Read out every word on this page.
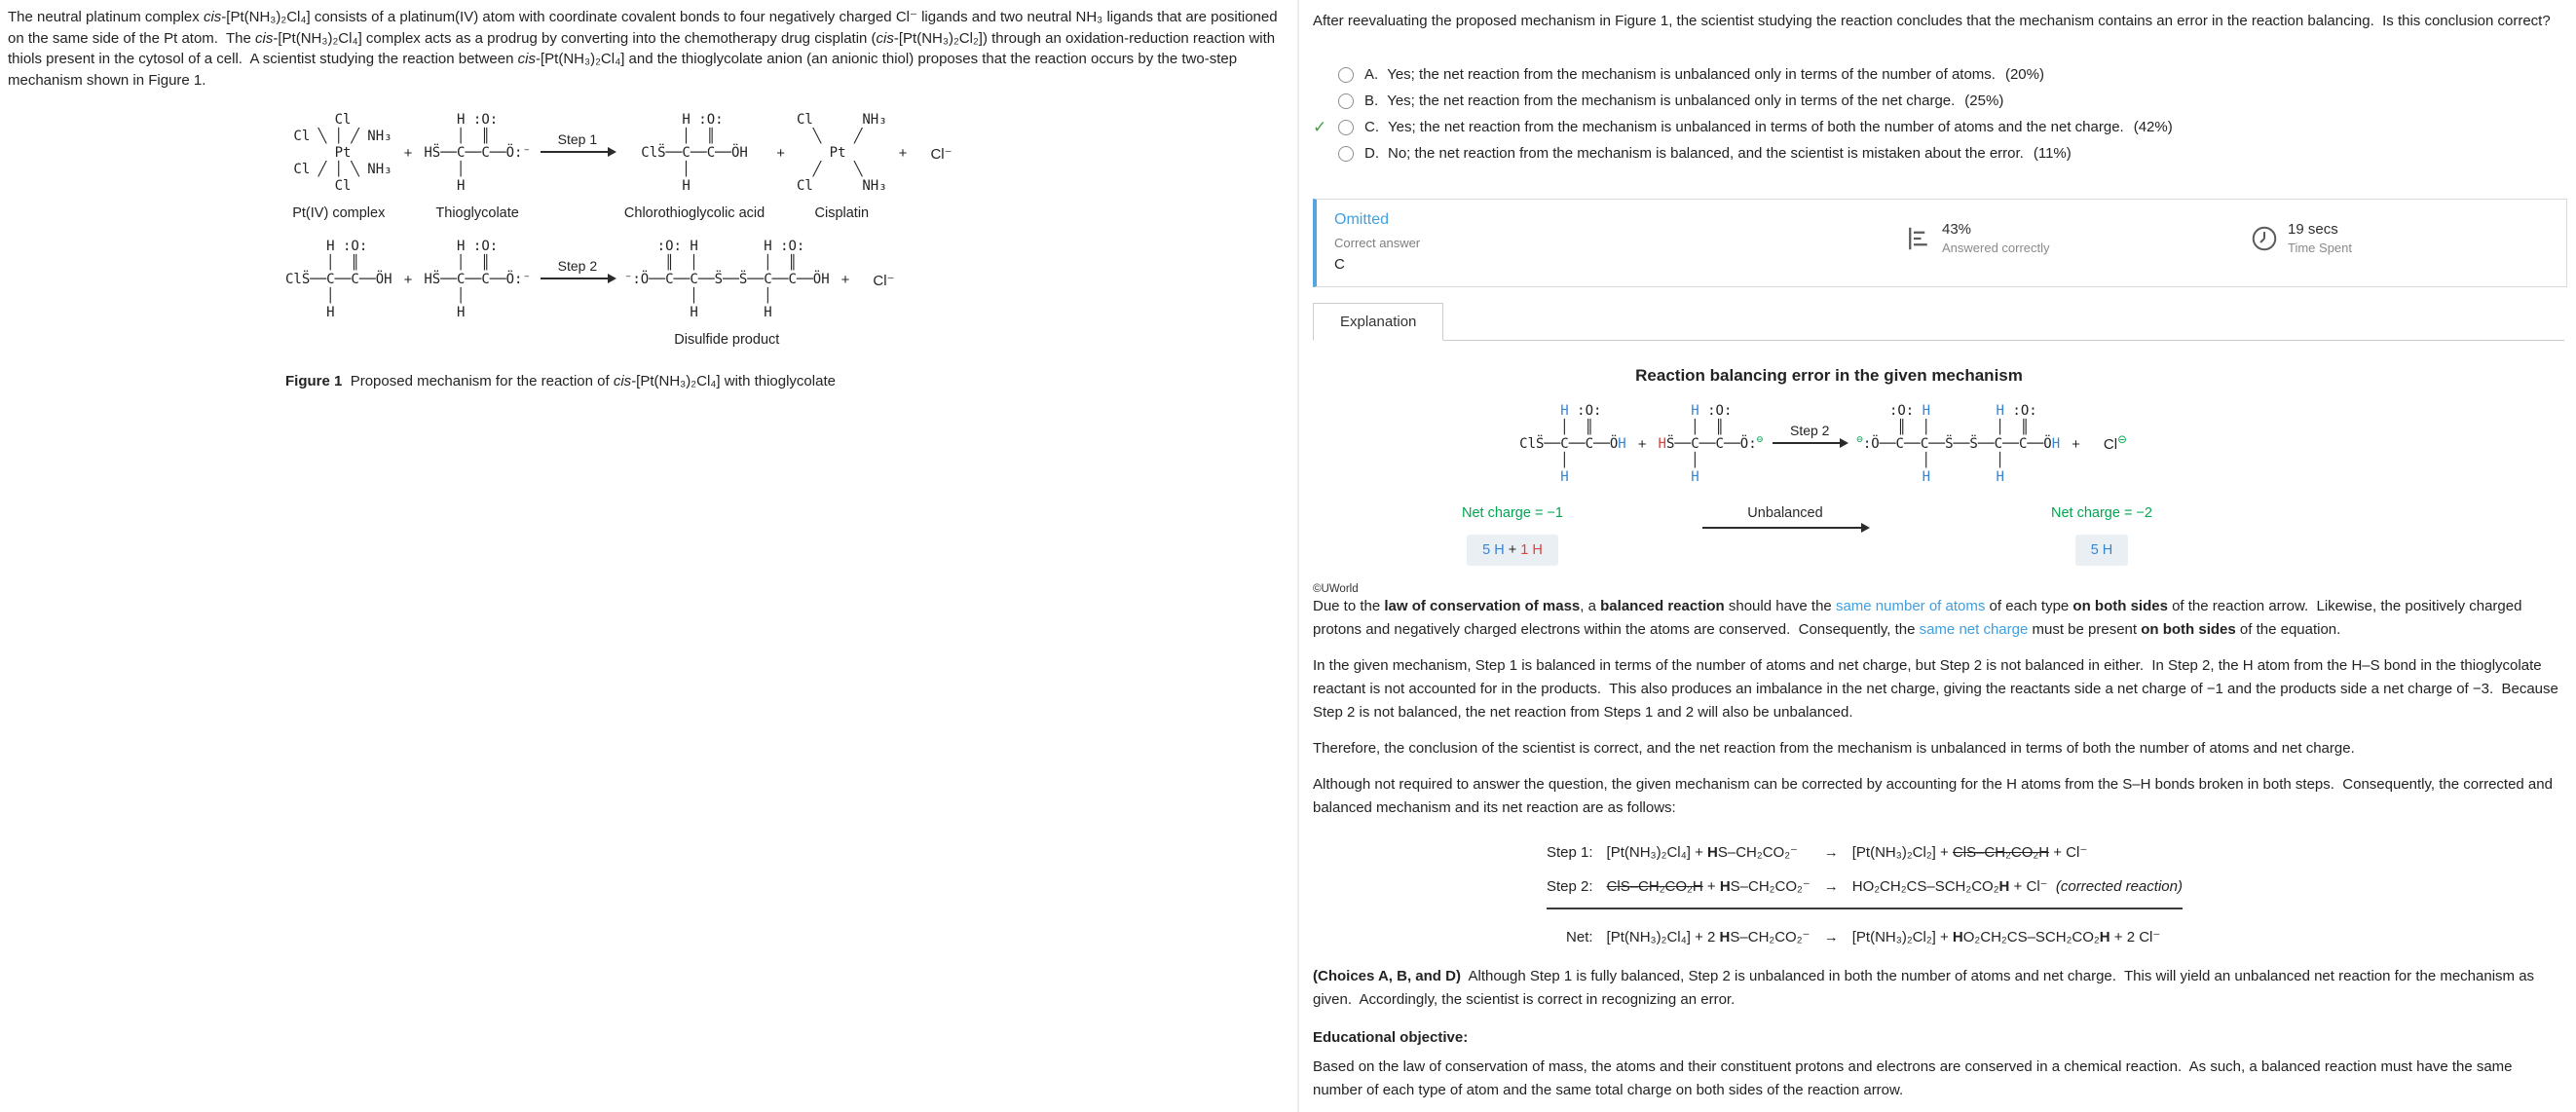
The neutral platinum complex cis-[Pt(NH₃)₂Cl₄] consists of a platinum(IV) atom with coordinate covalent bonds to four negatively charged Cl⁻ ligands and two neutral NH₃ ligands that are positioned on the same side of the Pt atom.  The cis-[Pt(NH₃)₂Cl₄] complex acts as a prodrug by converting into the chemotherapy drug cisplatin (cis-[Pt(NH₃)₂Cl₂]) through an oxidation-reduction reaction with thiols present in the cytosol of a cell.  A scientist studying the reaction between cis-[Pt(NH₃)₂Cl₄] and the thioglycolate anion (an anionic thiol) proposes that the reaction occurs by the two-step mechanism shown in Figure 1.

Cl
Cl ╲ │ ╱ NH₃
Pt
Cl ╱ │ ╲ NH₃
Cl
Pt(IV) complex
+
H :O:
│  ║
HS̈──C──C──Ö:⁻
│
H
Thioglycolate
Step 1
H :O:
│  ║
ClS̈──C──C──ÖH
│
H
Chlorothioglycolic acid
+
Cl      NH₃
╲    ╱
Pt
╱    ╲
Cl      NH₃
Cisplatin
+	Cl⁻
H :O:
│  ║
ClS̈──C──C──ÖH
│
H
+
H :O:
│  ║
HS̈──C──C──Ö:⁻
│
H
Step 2
:O: H        H :O:
║  │        │  ║
⁻:Ö──C──C──S̈──S̈──C──C──ÖH
│        │
H        H
Disulfide product
+	Cl⁻

Figure 1  Proposed mechanism for the reaction of cis-[Pt(NH₃)₂Cl₄] with thioglycolate

After reevaluating the proposed mechanism in Figure 1, the scientist studying the reaction concludes that the mechanism contains an error in the reaction balancing.  Is this conclusion correct?

A. Yes; the net reaction from the mechanism is unbalanced only in terms of the number of atoms. (20%)
B. Yes; the net reaction from the mechanism is unbalanced only in terms of the net charge. (25%)
✓	C. Yes; the net reaction from the mechanism is unbalanced in terms of both the number of atoms and the net charge. (42%)
D. No; the net reaction from the mechanism is balanced, and the scientist is mistaken about the error. (11%)
Omitted
Correct answer
C
43%
Answered correctly
19 secs
Time Spent
Explanation
Reaction balancing error in the given mechanism
H :O:
│  ║
ClS̈──C──C──ÖH
│
H
+
H :O:
│  ║
HS̈──C──C──Ö:⊖
│
H
Step 2
:O: H	H :O:
║  │        │  ║
⊖:Ö──C──C──S̈──S̈──C──C──ÖH
│        │
H	H
+	Cl⊖
Net charge = −1
5 H + 1 H
Unbalanced	Net charge = −2
5 H
©UWorld

Due to the law of conservation of mass, a balanced reaction should have the same number of atoms of each type on both sides of the reaction arrow.  Likewise, the positively charged protons and negatively charged electrons within the atoms are conserved.  Consequently, the same net charge must be present on both sides of the equation.

In the given mechanism, Step 1 is balanced in terms of the number of atoms and net charge, but Step 2 is not balanced in either.  In Step 2, the H atom from the H–S bond in the thioglycolate reactant is not accounted for in the products.  This also produces an imbalance in the net charge, giving the reactants side a net charge of −1 and the products side a net charge of −3.  Because Step 2 is not balanced, the net reaction from Steps 1 and 2 will also be unbalanced.

Therefore, the conclusion of the scientist is correct, and the net reaction from the mechanism is unbalanced in terms of both the number of atoms and net charge.

Although not required to answer the question, the given mechanism can be corrected by accounting for the H atoms from the S–H bonds broken in both steps.  Consequently, the corrected and balanced mechanism and its net reaction are as follows:

Step 1: [Pt(NH₃)₂Cl₄] + HS–CH₂CO₂⁻	→ [Pt(NH₃)₂Cl₂] + ClS–CH₂CO₂H + Cl⁻
Step 2: ClS–CH₂CO₂H + HS–CH₂CO₂⁻ → HO₂CH₂CS–SCH₂CO₂H + Cl⁻  (corrected reaction)
Net: [Pt(NH₃)₂Cl₄] + 2 HS–CH₂CO₂⁻ → [Pt(NH₃)₂Cl₂] + HO₂CH₂CS–SCH₂CO₂H + 2 Cl⁻

(Choices A, B, and D)  Although Step 1 is fully balanced, Step 2 is unbalanced in both the number of atoms and net charge.  This will yield an unbalanced net reaction for the mechanism as given.  Accordingly, the scientist is correct in recognizing an error.

Educational objective:

Based on the law of conservation of mass, the atoms and their constituent protons and electrons are conserved in a chemical reaction.  As such, a balanced reaction must have the same number of each type of atom and the same total charge on both sides of the reaction arrow.
